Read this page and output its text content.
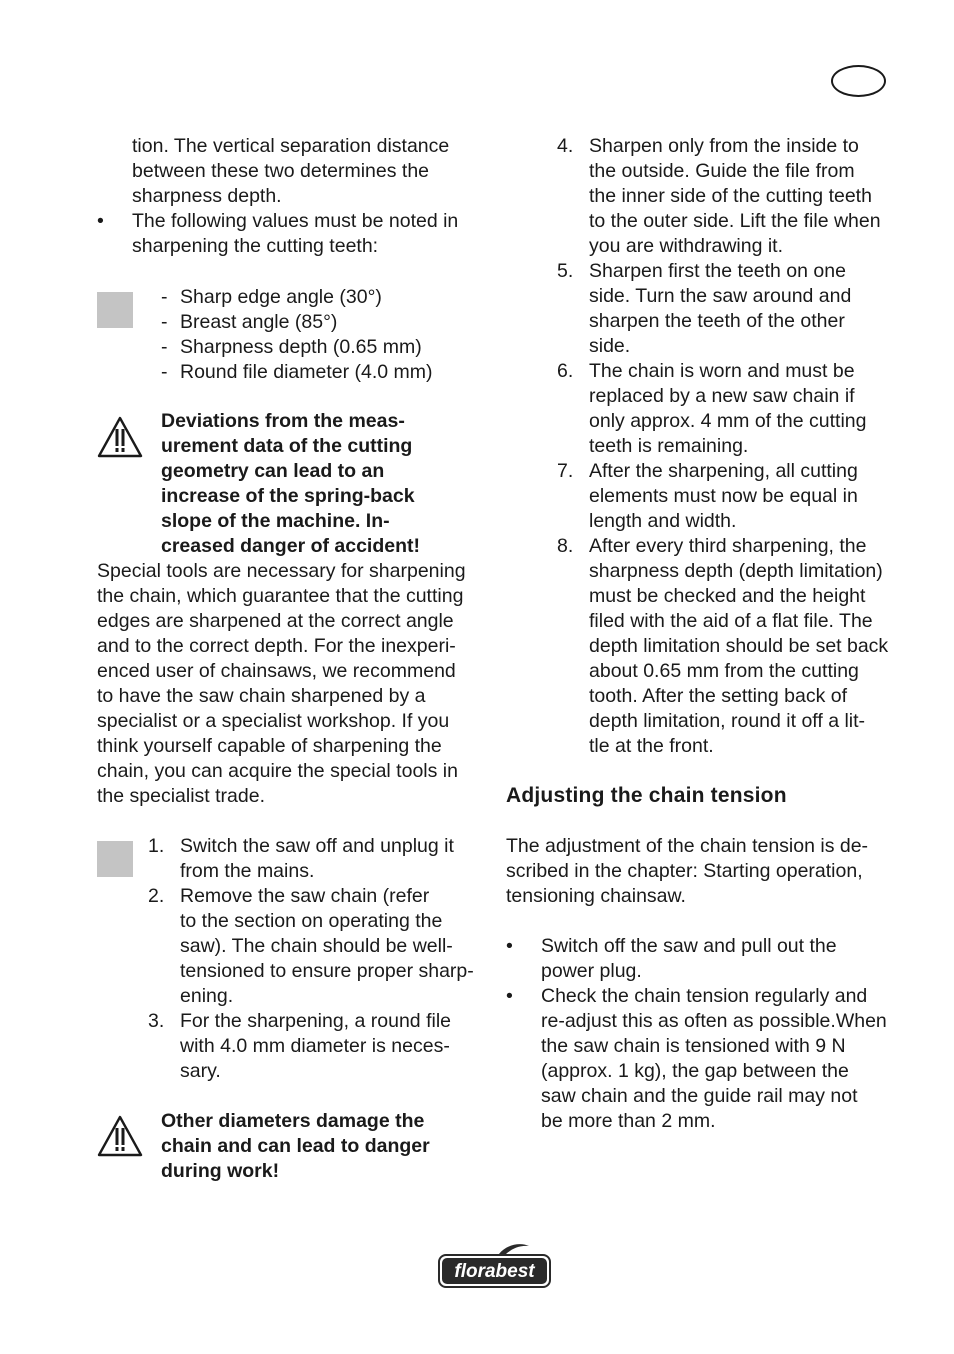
tion. The vertical separation distance
between these two determines the
sharpness depth.
•	The following values must be noted in
sharpening the cutting teeth:
- Sharp edge angle (30°)
- Breast angle (85°)
- Sharpness depth (0.65 mm)
- Round file diameter (4.0 mm)
Deviations from the meas-
urement data of the cutting
geometry can lead to an
increase of the spring-back
slope of the machine. In-
creased danger of accident!
Special tools are necessary for sharpening
the chain, which guarantee that the cutting
edges are sharpened at the correct angle
and to the correct depth. For the inexperi-
enced user of chainsaws, we recommend
to have the saw chain sharpened by a
specialist or a specialist workshop. If you
think yourself capable of sharpening the
chain, you can acquire the special tools in
the specialist trade.
1. Switch the saw off and unplug it
from the mains.
2. Remove the saw chain (refer
to the section on operating the
saw). The chain should be well-
tensioned to ensure proper sharp-
ening.
3. For the sharpening, a round file
with 4.0 mm diameter is neces-
sary.
Other diameters damage the
chain and can lead to danger
during work!
4. Sharpen only from the inside to
the outside. Guide the file from
the inner side of the cutting teeth
to the outer side. Lift the file when
you are withdrawing it.
5. Sharpen first the teeth on one
side. Turn the saw around and
sharpen the teeth of the other
side.
6. The chain is worn and must be
replaced by a new saw chain if
only approx. 4 mm of the cutting
teeth is remaining.
7. After the sharpening, all cutting
elements must now be equal in
length and width.
8. After every third sharpening, the
sharpness depth (depth limitation)
must be checked and the height
filed with the aid of a flat file. The
depth limitation should be set back
about 0.65 mm from the cutting
tooth. After the setting back of
depth limitation, round it off a lit-
tle at the front.
Adjusting the chain tension
The adjustment of the chain tension is de-
scribed in the chapter: Starting operation,
tensioning chainsaw.
•	Switch off the saw and pull out the
power plug.
•	Check the chain tension regularly and
re-adjust this as often as possible.When
the saw chain is tensioned with 9 N
(approx. 1 kg), the gap between the
saw chain and the guide rail may not
be more than 2 mm.
florabest
